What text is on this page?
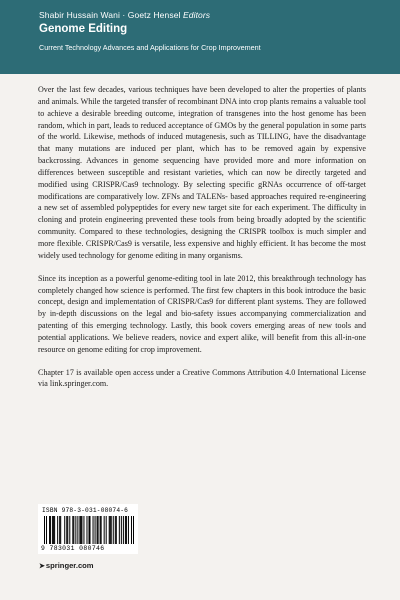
Shabir Hussain Wani · Goetz Hensel Editors
Genome Editing
Current Technology Advances and Applications for Crop Improvement

Over the last few decades, various techniques have been developed to alter the properties of plants and animals. While the targeted transfer of recombinant DNA into crop plants remains a valuable tool to achieve a desirable breeding outcome, integration of transgenes into the host genome has been random, which in part, leads to reduced acceptance of GMOs by the general population in some parts of the world. Likewise, methods of induced mutagenesis, such as TILLING, have the disadvantage that many mutations are induced per plant, which has to be removed again by expensive backcrossing. Advances in genome sequencing have provided more and more information on differences between susceptible and resistant varieties, which can now be directly targeted and modified using CRISPR/Cas9 technology. By selecting specific gRNAs occurrence of off-target modifications are comparatively low. ZFNs and TALENs- based approaches required re-engineering a new set of assembled polypeptides for every new target site for each experiment. The difficulty in cloning and protein engineering prevented these tools from being broadly adopted by the scientific community. Compared to these technologies, designing the CRISPR toolbox is much simpler and more flexible. CRISPR/Cas9 is versatile, less expensive and highly efficient. It has become the most widely used technology for genome editing in many organisms.

Since its inception as a powerful genome-editing tool in late 2012, this breakthrough technology has completely changed how science is performed. The first few chapters in this book introduce the basic concept, design and implementation of CRISPR/Cas9 for different plant systems. They are followed by in-depth discussions on the legal and bio-safety issues accompanying commercialization and patenting of this emerging technology. Lastly, this book covers emerging areas of new tools and potential applications. We believe readers, novice and expert alike, will benefit from this all-in-one resource on genome editing for crop improvement.

Chapter 17 is available open access under a Creative Commons Attribution 4.0 International License via link.springer.com.

ISBN 978-3-031-08074-6
9 783031 080746
➤springer.com
